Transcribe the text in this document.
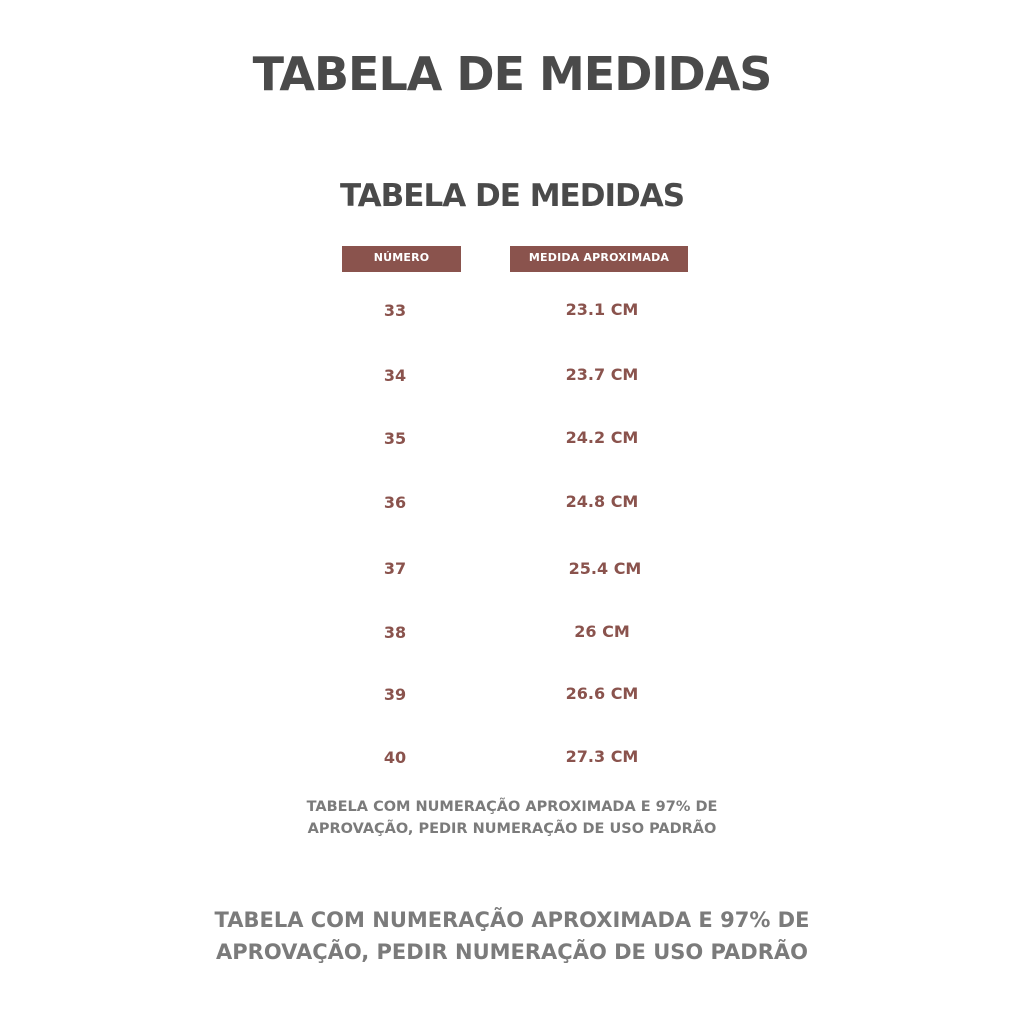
TABELA DE MEDIDAS
TABELA DE MEDIDAS
NÚMERO	MEDIDA APROXIMADA
33	23.1 CM
34	23.7 CM
35	24.2 CM
36	24.8 CM
37	25.4 CM
38	26 CM
39	26.6 CM
40	27.3 CM
TABELA COM NUMERAÇÃO APROXIMADA E 97% DE
APROVAÇÃO, PEDIR NUMERAÇÃO DE USO PADRÃO
TABELA COM NUMERAÇÃO APROXIMADA E 97% DE
APROVAÇÃO, PEDIR NUMERAÇÃO DE USO PADRÃO
